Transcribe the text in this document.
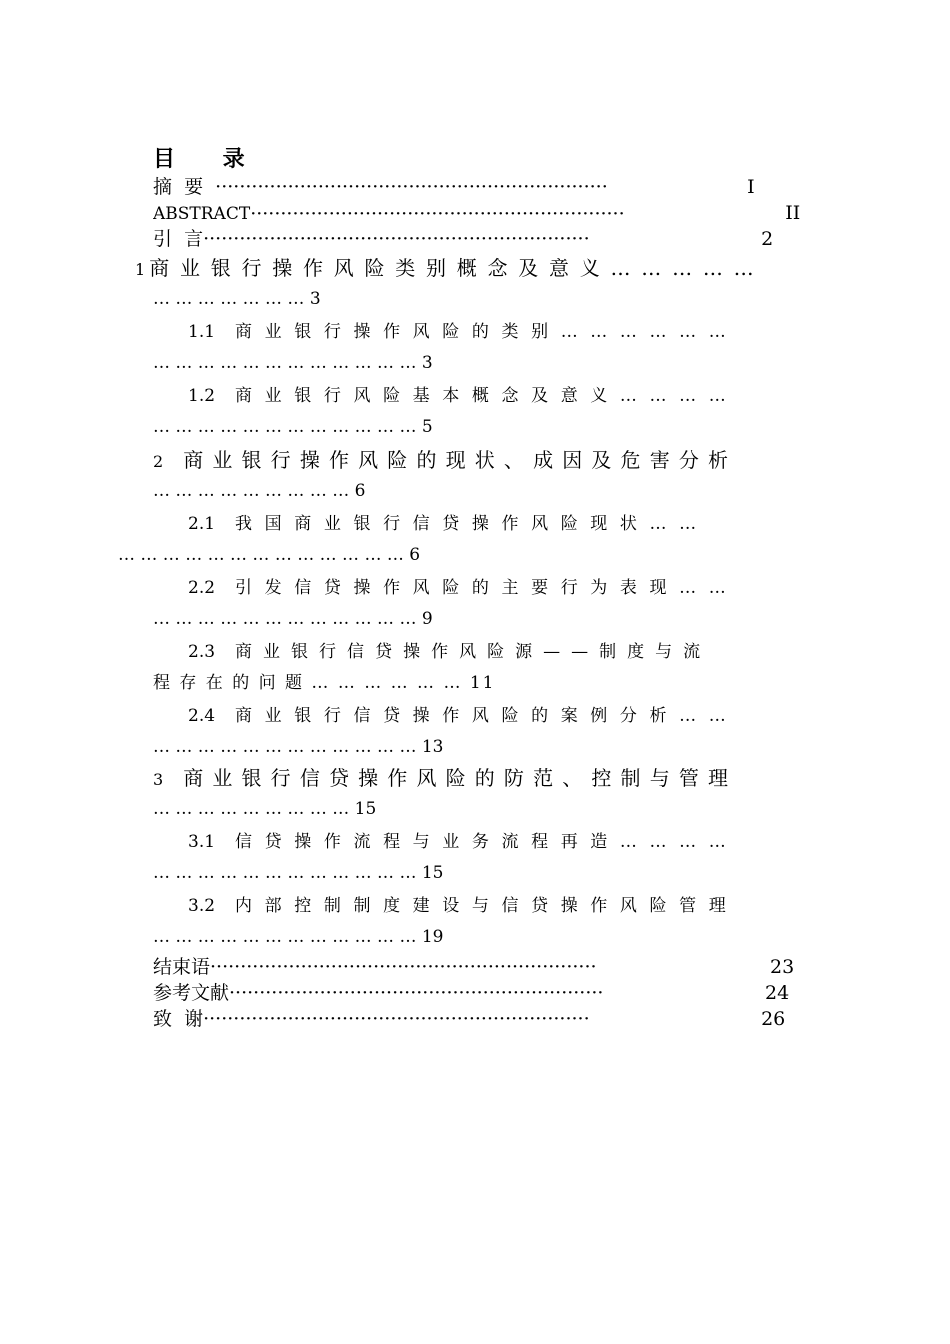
目 录
摘  要  ·································································	I
ABSTRACT······························································	II
引  言································································	2
1 商 业 银 行 操 作 风 险 类 别 概 念 及 意 义 … … … … …
… … … … … … … 3
1.1 商 业 银 行 操 作 风 险 的 类 别 … … … … … …
… … … … … … … … … … … … 3
1.2 商 业 银 行 风 险 基 本 概 念 及 意 义 … … … …
… … … … … … … … … … … … 5
2 商 业 银 行 操 作 风 险 的 现 状 、 成 因 及 危 害 分 析
… … … … … … … … … 6
2.1 我 国 商 业 银 行 信 贷 操 作 风 险 现 状 … …
… … … … … … … … … … … … … 6
2.2 引 发 信 贷 操 作 风 险 的 主 要 行 为 表 现 … …
… … … … … … … … … … … … 9
2.3 商 业 银 行 信 贷 操 作 风 险 源 — — 制 度 与 流
程 存 在 的 问 题 … … … … … … 11
2.4 商 业 银 行 信 贷 操 作 风 险 的 案 例 分 析 … …
… … … … … … … … … … … … 13
3 商 业 银 行 信 贷 操 作 风 险 的 防 范 、 控 制 与 管 理
… … … … … … … … … 15
3.1 信 贷 操 作 流 程 与 业 务 流 程 再 造 … … … …
… … … … … … … … … … … … 15
3.2 内 部 控 制 制 度 建 设 与 信 贷 操 作 风 险 管 理
… … … … … … … … … … … … 19
结束语································································	23
参考文献······························································	24
致  谢································································	26
